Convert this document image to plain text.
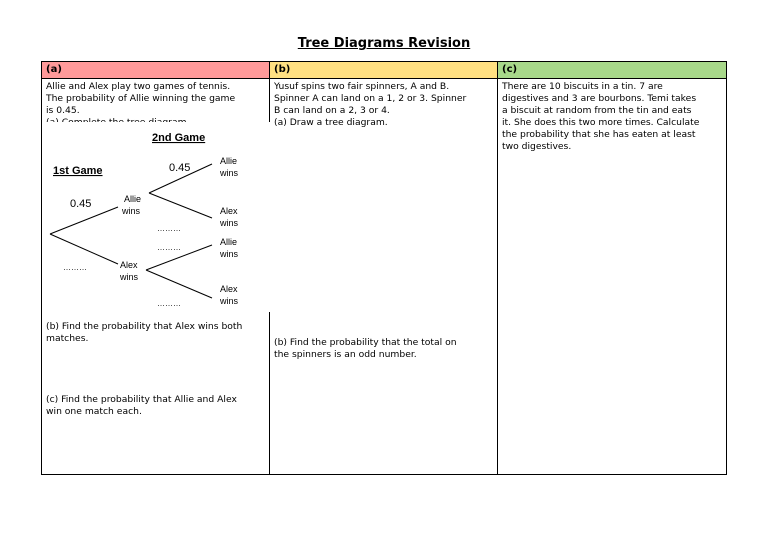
Tree Diagrams Revision
(a)
Allie and Alex play two games of tennis.
The probability of Allie winning the game
is 0.45.

2nd Game
1st Game
0.45
0.45
Allie
wins
Allie
wins
Alex
wins
………
Alex
wins
………
………
………
Allie
wins
Alex
wins
(b) Find the probability that Alex wins both
matches.
(c) Find the probability that Allie and Alex
win one match each.
(b)
Yusuf spins two fair spinners, A and B.
Spinner A can land on a 1, 2 or 3. Spinner
B can land on a 2, 3 or 4.
(a) Draw a tree diagram.
(b) Find the probability that the total on
the spinners is an odd number.
(c)
There are 10 biscuits in a tin. 7 are
digestives and 3 are bourbons. Temi takes
a biscuit at random from the tin and eats
it. She does this two more times. Calculate
the probability that she has eaten at least
two digestives.
